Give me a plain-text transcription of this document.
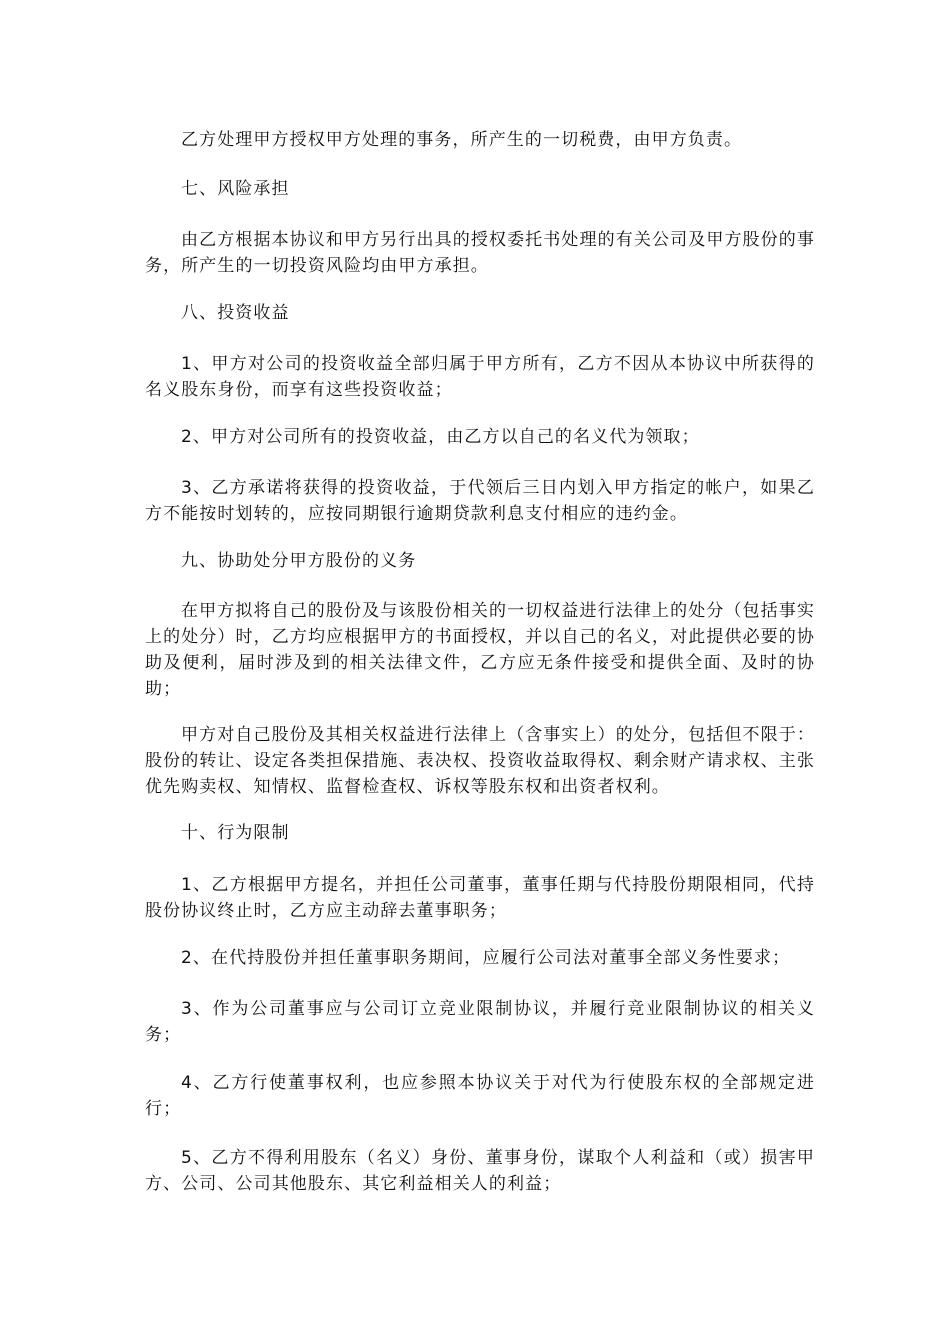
乙方处理甲方授权甲方处理的事务，所产生的一切税费，由甲方负责。

七、风险承担

由乙方根据本协议和甲方另行出具的授权委托书处理的有关公司及甲方股份的事务，所产生的一切投资风险均由甲方承担。

八、投资收益

1、甲方对公司的投资收益全部归属于甲方所有，乙方不因从本协议中所获得的名义股东身份，而享有这些投资收益；

2、甲方对公司所有的投资收益，由乙方以自己的名义代为领取；

3、乙方承诺将获得的投资收益，于代领后三日内划入甲方指定的帐户，如果乙方不能按时划转的，应按同期银行逾期贷款利息支付相应的违约金。

九、协助处分甲方股份的义务

在甲方拟将自己的股份及与该股份相关的一切权益进行法律上的处分（包括事实上的处分）时，乙方均应根据甲方的书面授权，并以自己的名义，对此提供必要的协助及便利，届时涉及到的相关法律文件，乙方应无条件接受和提供全面、及时的协助；

甲方对自己股份及其相关权益进行法律上（含事实上）的处分，包括但不限于：股份的转让、设定各类担保措施、表决权、投资收益取得权、剩余财产请求权、主张优先购卖权、知情权、监督检查权、诉权等股东权和出资者权利。

十、行为限制

1、乙方根据甲方提名，并担任公司董事，董事任期与代持股份期限相同，代持股份协议终止时，乙方应主动辞去董事职务；

2、在代持股份并担任董事职务期间，应履行公司法对董事全部义务性要求；

3、作为公司董事应与公司订立竞业限制协议，并履行竞业限制协议的相关义务；

4、乙方行使董事权利，也应参照本协议关于对代为行使股东权的全部规定进行；

5、乙方不得利用股东（名义）身份、董事身份，谋取个人利益和（或）损害甲方、公司、公司其他股东、其它利益相关人的利益；
